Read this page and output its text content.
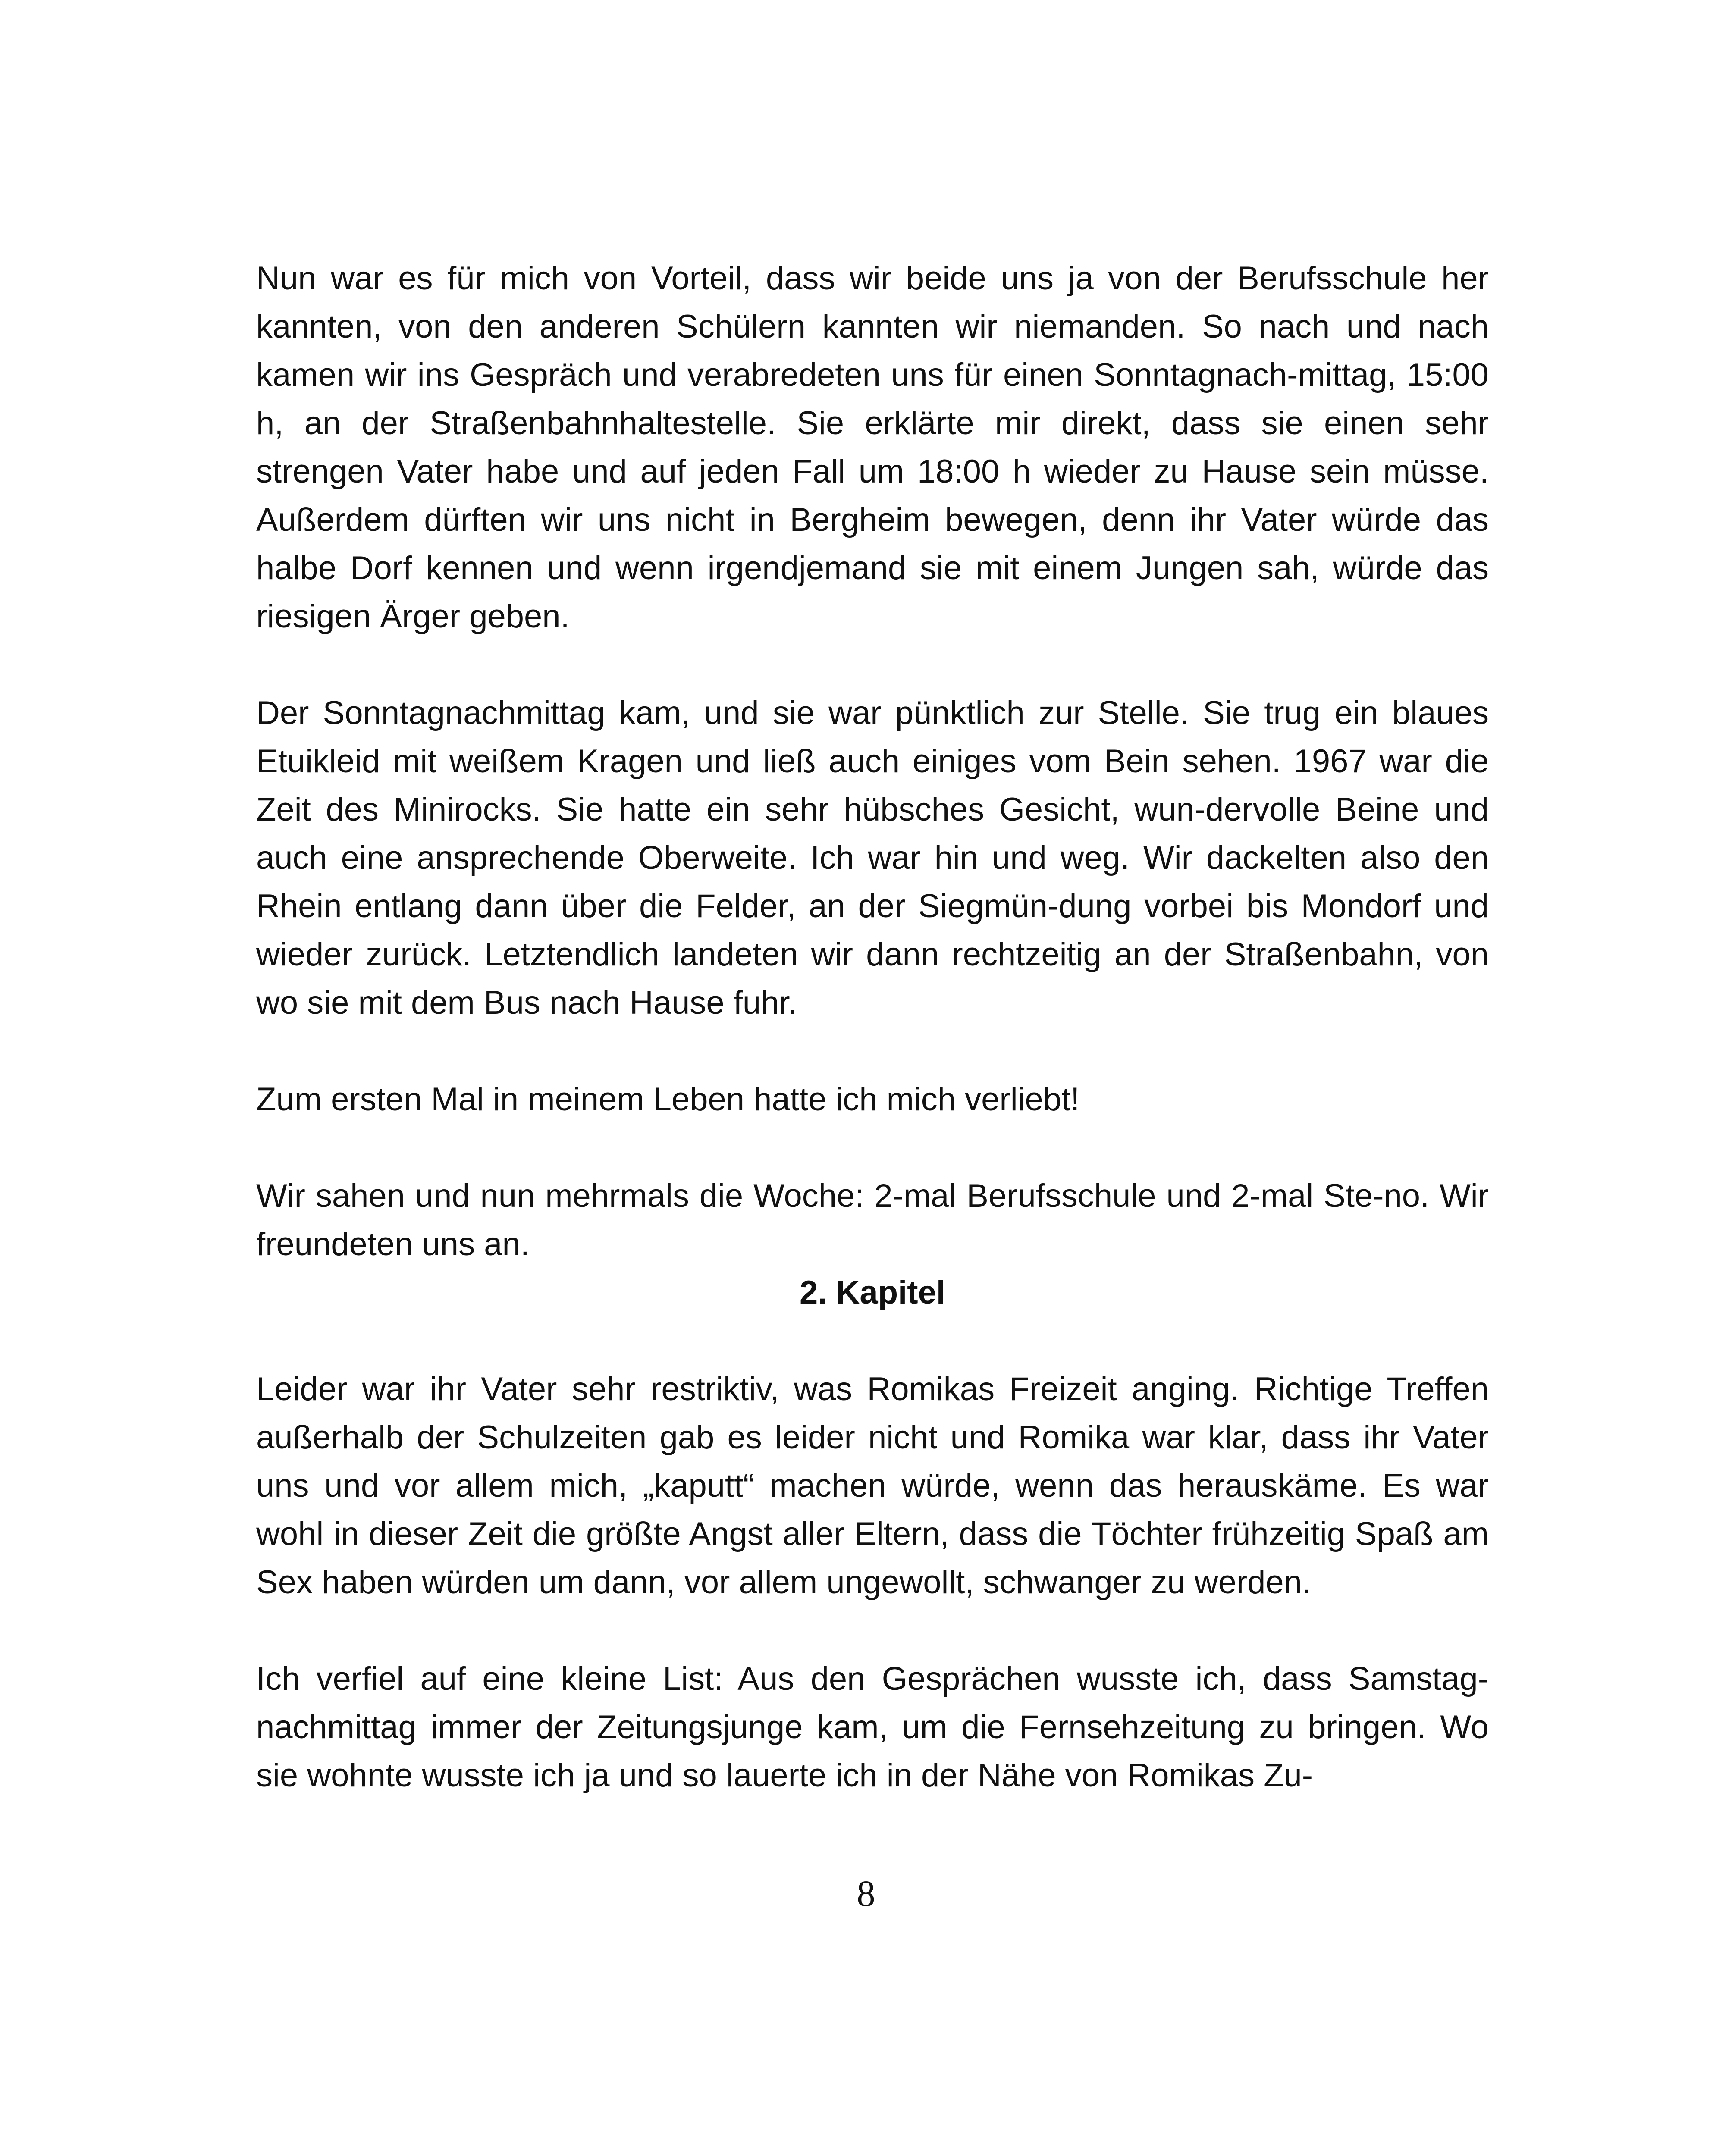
Nun war es für mich von Vorteil, dass wir beide uns ja von der Berufsschule her kannten, von den anderen Schülern kannten wir niemanden. So nach und nach kamen wir ins Gespräch und verabredeten uns für einen Sonntagnach-mittag, 15:00 h, an der Straßenbahnhaltestelle. Sie erklärte mir direkt, dass sie einen sehr strengen Vater habe und auf jeden Fall um 18:00 h wieder zu Hause sein müsse. Außerdem dürften wir uns nicht in Bergheim bewegen, denn ihr Vater würde das halbe Dorf kennen und wenn irgendjemand sie mit einem Jungen sah, würde das riesigen Ärger geben.

Der Sonntagnachmittag kam, und sie war pünktlich zur Stelle. Sie trug ein blaues Etuikleid mit weißem Kragen und ließ auch einiges vom Bein sehen. 1967 war die Zeit des Minirocks. Sie hatte ein sehr hübsches Gesicht, wun-dervolle Beine und auch eine ansprechende Oberweite. Ich war hin und weg. Wir dackelten also den Rhein entlang dann über die Felder, an der Siegmün-dung vorbei bis Mondorf und wieder zurück. Letztendlich landeten wir dann rechtzeitig an der Straßenbahn, von wo sie mit dem Bus nach Hause fuhr.

Zum ersten Mal in meinem Leben hatte ich mich verliebt!

Wir sahen und nun mehrmals die Woche: 2-mal Berufsschule und 2-mal Ste-no. Wir freundeten uns an.

2. Kapitel

Leider war ihr Vater sehr restriktiv, was Romikas Freizeit anging. Richtige Treffen außerhalb der Schulzeiten gab es leider nicht und Romika war klar, dass ihr Vater uns und vor allem mich, „kaputt“ machen würde, wenn das herauskäme. Es war wohl in dieser Zeit die größte Angst aller Eltern, dass die Töchter frühzeitig Spaß am Sex haben würden um dann, vor allem ungewollt, schwanger zu werden.

Ich verfiel auf eine kleine List: Aus den Gesprächen wusste ich, dass Samstag-nachmittag immer der Zeitungsjunge kam, um die Fernsehzeitung zu bringen. Wo sie wohnte wusste ich ja und so lauerte ich in der Nähe von Romikas Zu-

8
